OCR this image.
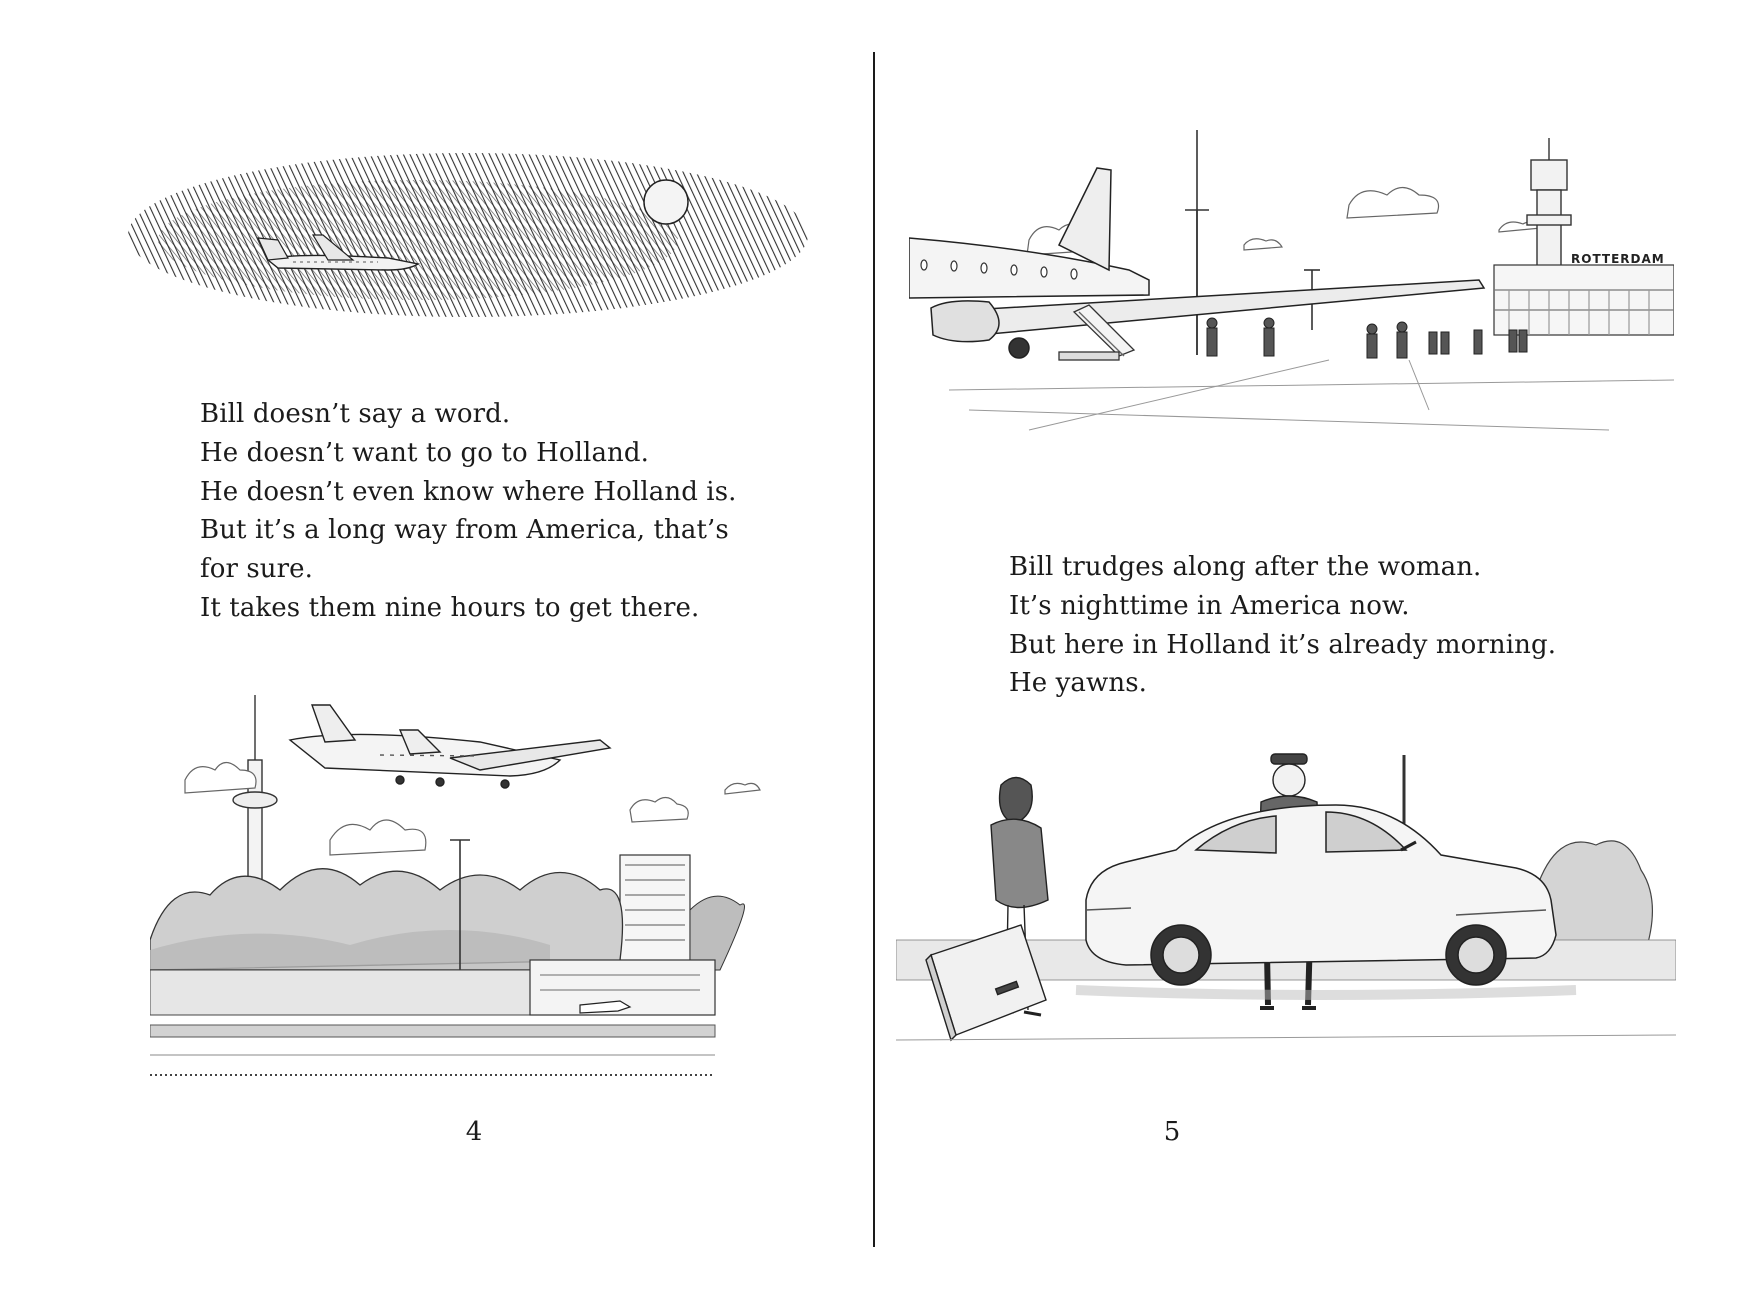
Bill doesn’t say a word.
He doesn’t want to go to Holland.
He doesn’t even know where Holland is.
But it’s a long way from America, that’s
for sure.
It takes them nine hours to get there.
4
ROTTERDAM
Bill trudges along after the woman.
It’s nighttime in America now.
But here in Holland it’s already morning.
He yawns.
5
